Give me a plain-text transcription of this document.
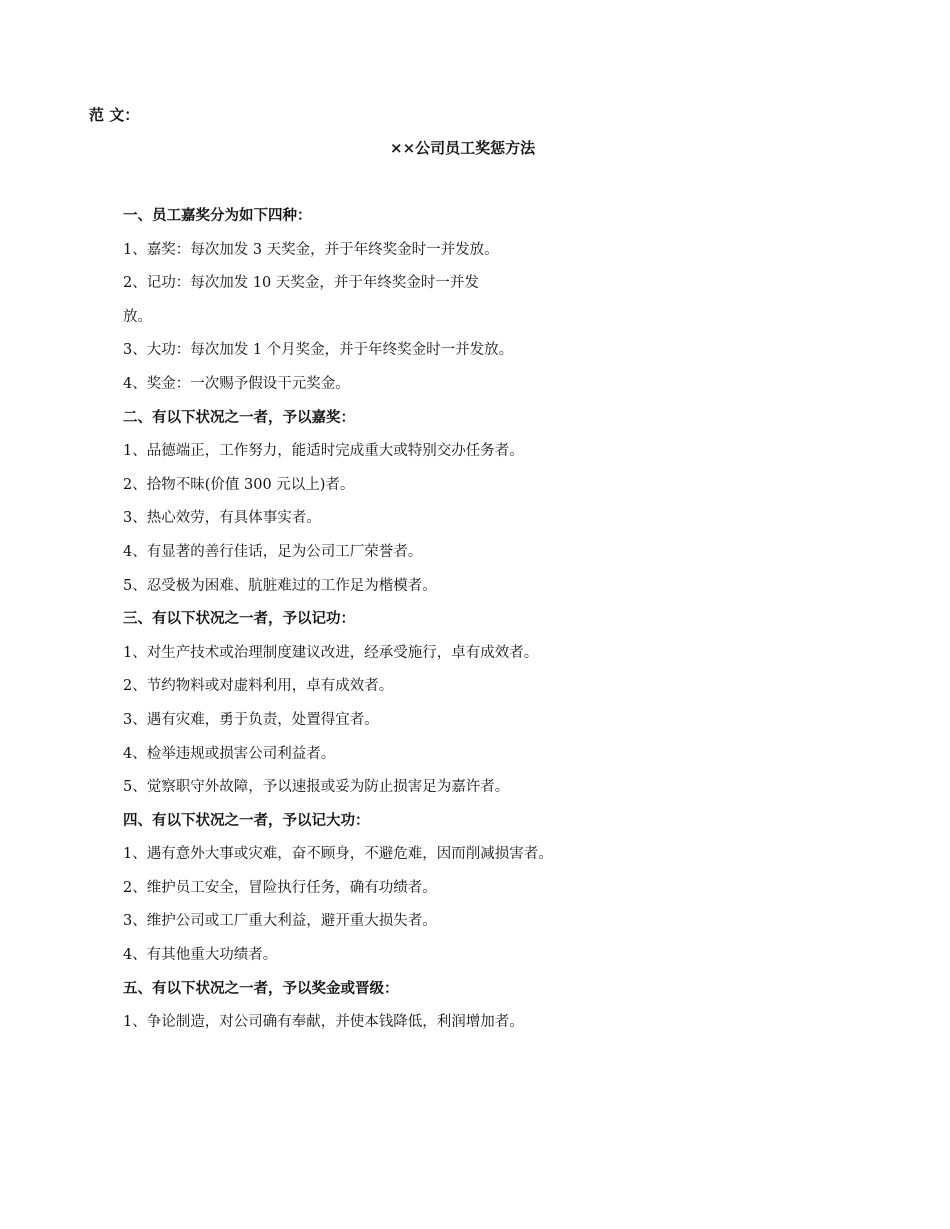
范 文：
××公司员工奖惩方法
一、员工嘉奖分为如下四种：
1、嘉奖：每次加发 3 天奖金，并于年终奖金时一并发放。
2、记功：每次加发 10 天奖金，并于年终奖金时一并发
放。
3、大功：每次加发 1 个月奖金，并于年终奖金时一并发放。
4、奖金：一次赐予假设干元奖金。
二、有以下状况之一者，予以嘉奖：
1、品德端正，工作努力，能适时完成重大或特别交办任务者。
2、拾物不昧(价值 300 元以上)者。
3、热心效劳，有具体事实者。
4、有显著的善行佳话，足为公司工厂荣誉者。
5、忍受极为困难、肮脏难过的工作足为楷模者。
三、有以下状况之一者，予以记功：
1、对生产技术或治理制度建议改进，经承受施行，卓有成效者。
2、节约物料或对虚料利用，卓有成效者。
3、遇有灾难，勇于负责，处置得宜者。
4、检举违规或损害公司利益者。
5、觉察职守外故障，予以速报或妥为防止损害足为嘉许者。
四、有以下状况之一者，予以记大功：
1、遇有意外大事或灾难，奋不顾身，不避危难，因而削减损害者。
2、维护员工安全，冒险执行任务，确有功绩者。
3、维护公司或工厂重大利益，避开重大损失者。
4、有其他重大功绩者。
五、有以下状况之一者，予以奖金或晋级：
1、争论制造，对公司确有奉献，并使本钱降低，利润增加者。
